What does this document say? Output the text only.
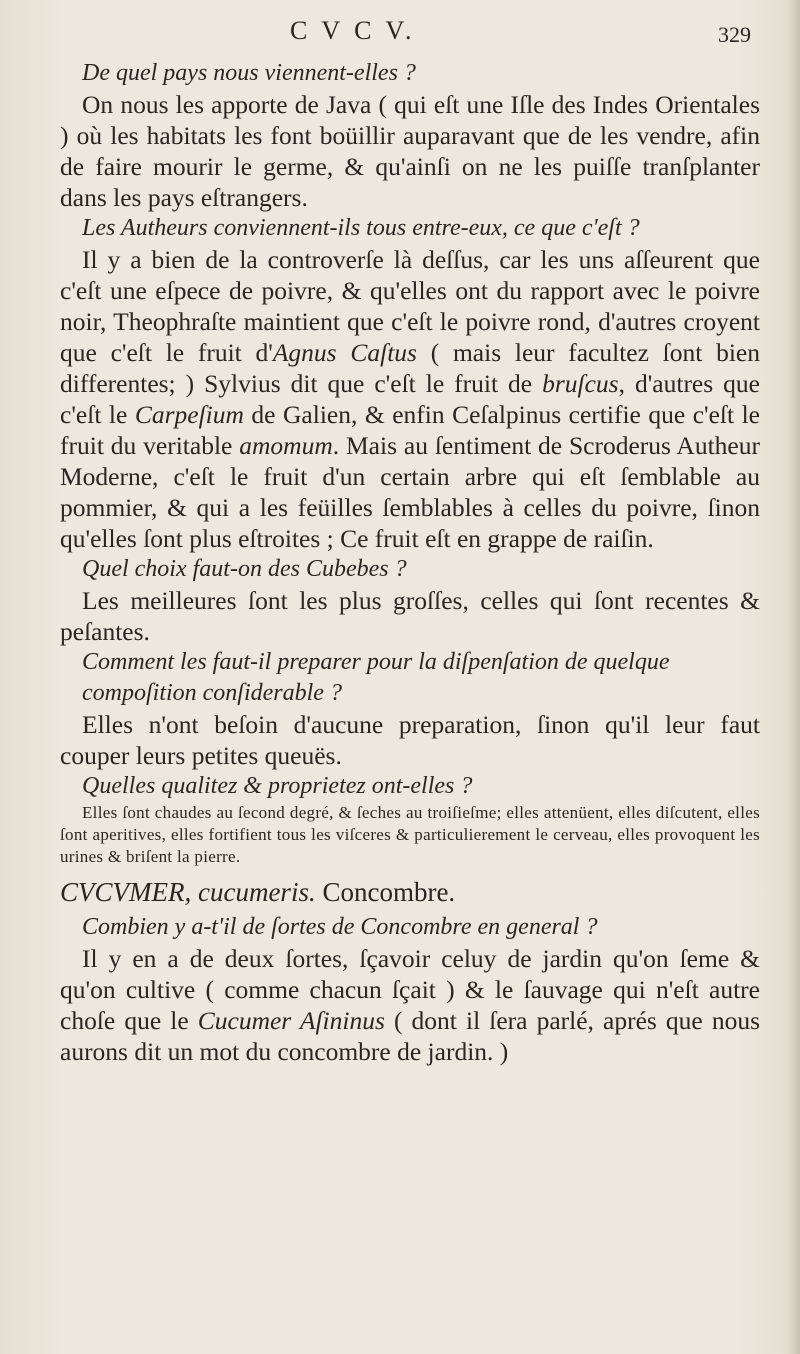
C V C V.	329
De quel pays nous viennent-elles ?
On nous les apporte de Java ( qui eſt une Iſle des Indes Orientales ) où les habitats les font boüillir auparavant que de les vendre, afin de faire mourir le germe, & qu'ainſi on ne les puiſſe tranſplanter dans les pays eſtrangers.
Les Autheurs conviennent-ils tous entre-eux, ce que c'eſt ?
Il y a bien de la controverſe là deſſus, car les uns aſſeurent que c'eſt une eſpece de poivre, & qu'elles ont du rapport avec le poivre noir, Theophraſte maintient que c'eſt le poivre rond, d'autres croyent que c'eſt le fruit d'Agnus Caſtus ( mais leur facultez ſont bien differentes; ) Sylvius dit que c'eſt le fruit de bruſcus, d'autres que c'eſt le Carpeſium de Galien, & enfin Ceſalpinus certifie que c'eſt le fruit du veritable amomum. Mais au ſentiment de Scroderus Autheur Moderne, c'eſt le fruit d'un certain arbre qui eſt ſemblable au pommier, & qui a les feüilles ſemblables à celles du poivre, ſinon qu'elles ſont plus eſtroites ; Ce fruit eſt en grappe de raiſin.
Quel choix faut-on des Cubebes ?
Les meilleures ſont les plus groſſes, celles qui ſont recentes & peſantes.
Comment les faut-il preparer pour la diſpenſation de quelque compoſition conſiderable ?
Elles n'ont beſoin d'aucune preparation, ſinon qu'il leur faut couper leurs petites queuës.
Quelles qualitez & proprietez ont-elles ?
Elles ſont chaudes au ſecond degré, & ſeches au troiſieſme; elles attenüent, elles diſcutent, elles ſont aperitives, elles fortifient tous les viſceres & particulierement le cerveau, elles provoquent les urines & briſent la pierre.
CVCVMER, cucumeris. Concombre.
Combien y a-t'il de ſortes de Concombre en general ?
Il y en a de deux ſortes, ſçavoir celuy de jardin qu'on ſeme & qu'on cultive ( comme chacun ſçait ) & le ſauvage qui n'eſt autre choſe que le Cucumer Aſininus ( dont il ſera parlé, aprés que nous aurons dit un mot du concombre de jardin. )
